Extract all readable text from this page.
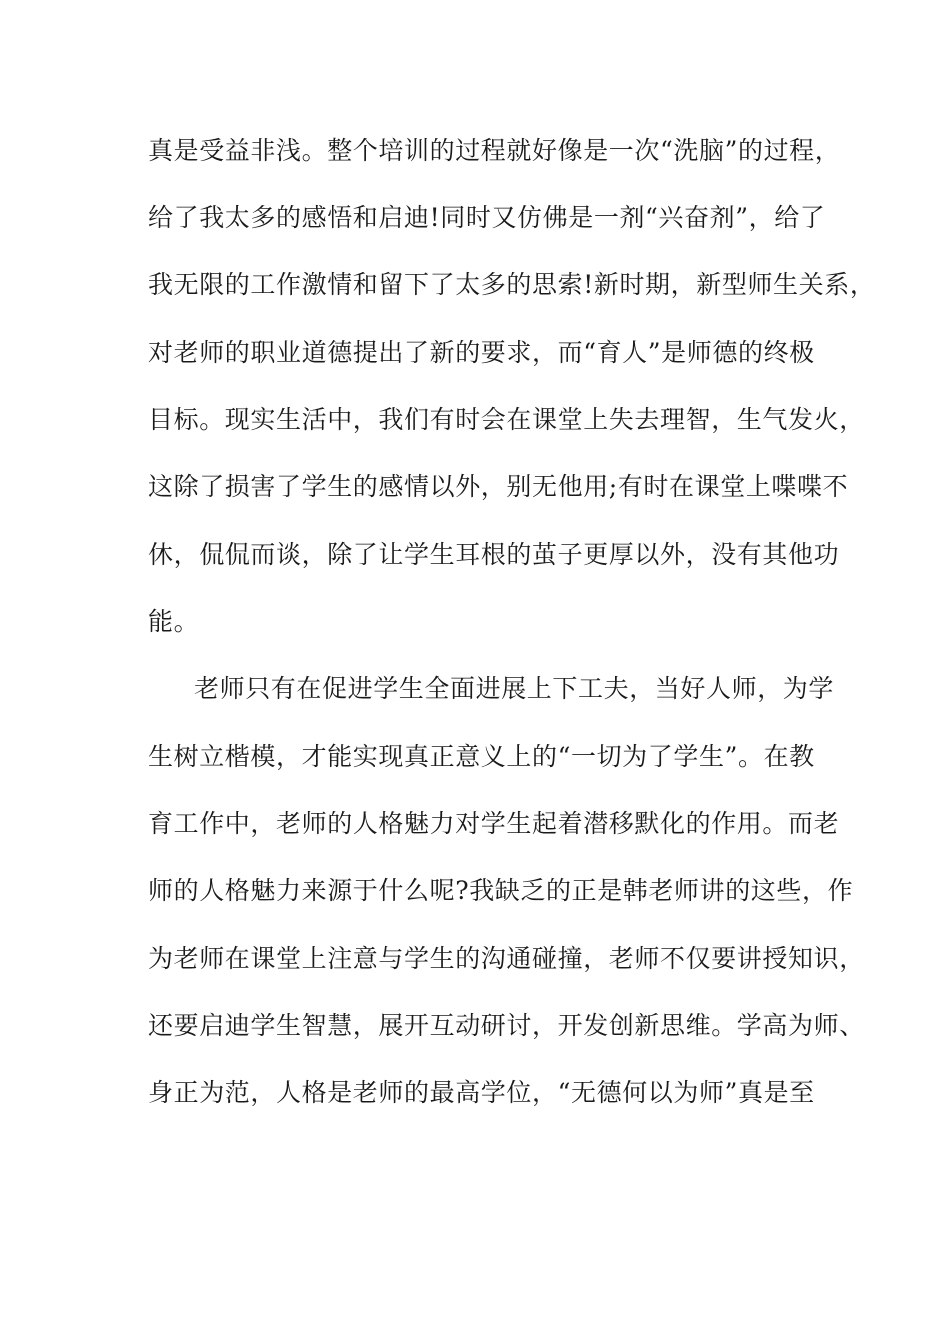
真是受益非浅。整个培训的过程就好像是一次“洗脑”的过程，
给了我太多的感悟和启迪!同时又仿佛是一剂“兴奋剂”，给了
我无限的工作激情和留下了太多的思索!新时期，新型师生关系，
对老师的职业道德提出了新的要求，而“育人”是师德的终极
目标。现实生活中，我们有时会在课堂上失去理智，生气发火，
这除了损害了学生的感情以外，别无他用;有时在课堂上喋喋不
休，侃侃而谈，除了让学生耳根的茧子更厚以外，没有其他功
能。
老师只有在促进学生全面进展上下工夫，当好人师，为学
生树立楷模，才能实现真正意义上的“一切为了学生”。在教
育工作中，老师的人格魅力对学生起着潜移默化的作用。而老
师的人格魅力来源于什么呢?我缺乏的正是韩老师讲的这些，作
为老师在课堂上注意与学生的沟通碰撞，老师不仅要讲授知识，
还要启迪学生智慧，展开互动研讨，开发创新思维。学高为师、
身正为范，人格是老师的最高学位，“无德何以为师”真是至
